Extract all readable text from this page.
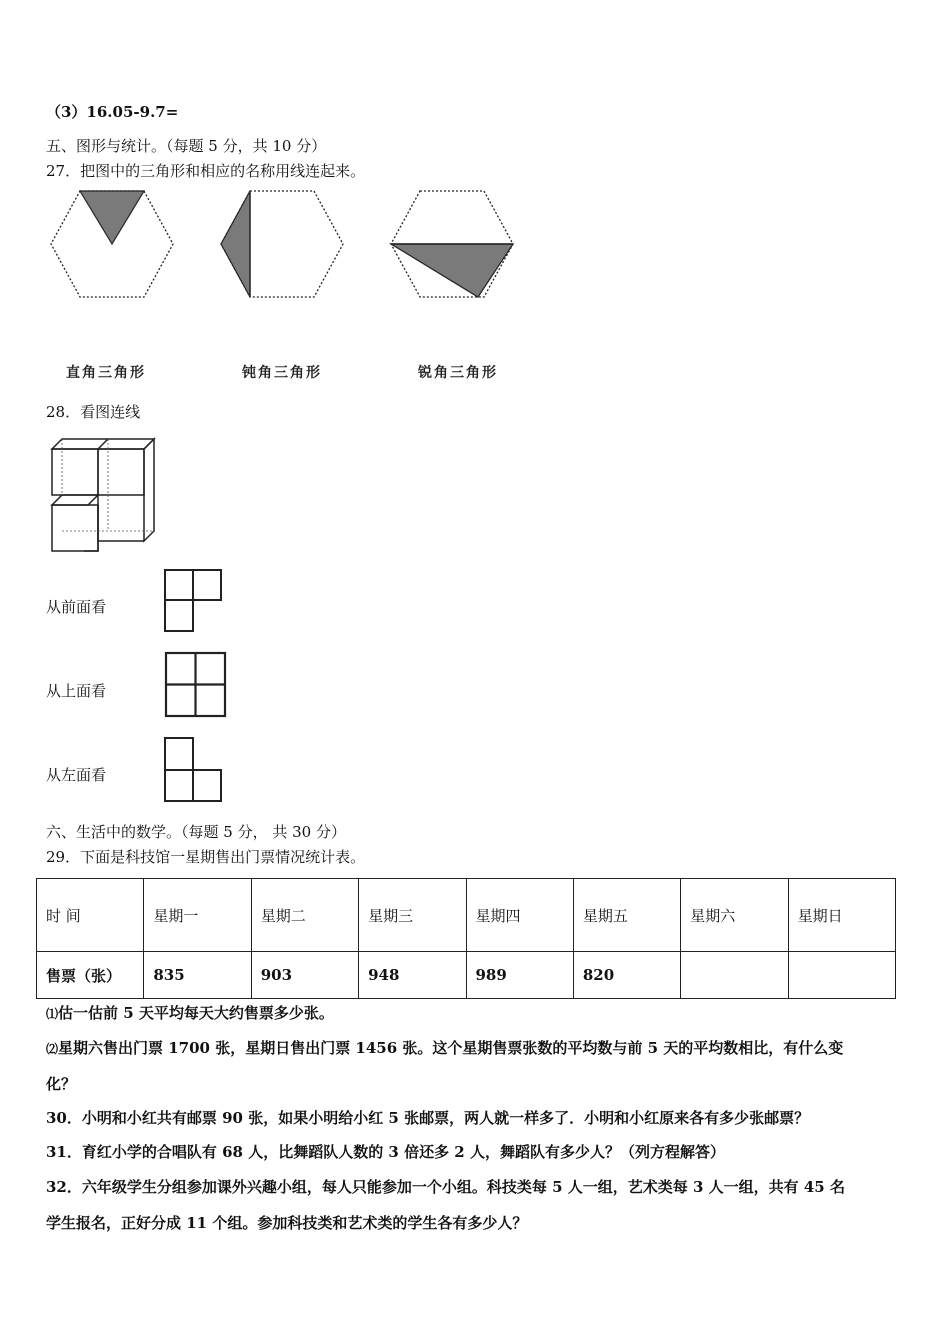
（3）16.05-9.7=
五、图形与统计。（每题 5 分，共 10 分）
27．把图中的三角形和相应的名称用线连起来。
直角三角形	钝角三角形	锐角三角形
28．看图连线
从前面看
从上面看
从左面看
六、生活中的数学。（每题 5 分， 共 30 分）
29．下面是科技馆一星期售出门票情况统计表。
时 间	星期一	星期二	星期三	星期四	星期五	星期六	星期日
售票（张）	835	903	948	989	820		
⑴估一估前 5 天平均每天大约售票多少张。
⑵星期六售出门票 1700 张，星期日售出门票 1456 张。这个星期售票张数的平均数与前 5 天的平均数相比，有什么变
化？
30．小明和小红共有邮票 90 张，如果小明给小红 5 张邮票，两人就一样多了．小明和小红原来各有多少张邮票？
31．育红小学的合唱队有 68 人，比舞蹈队人数的 3 倍还多 2 人，舞蹈队有多少人？（列方程解答）
32．六年级学生分组参加课外兴趣小组，每人只能参加一个小组。科技类每 5 人一组，艺术类每 3 人一组，共有 45 名
学生报名，正好分成 11 个组。参加科技类和艺术类的学生各有多少人？
